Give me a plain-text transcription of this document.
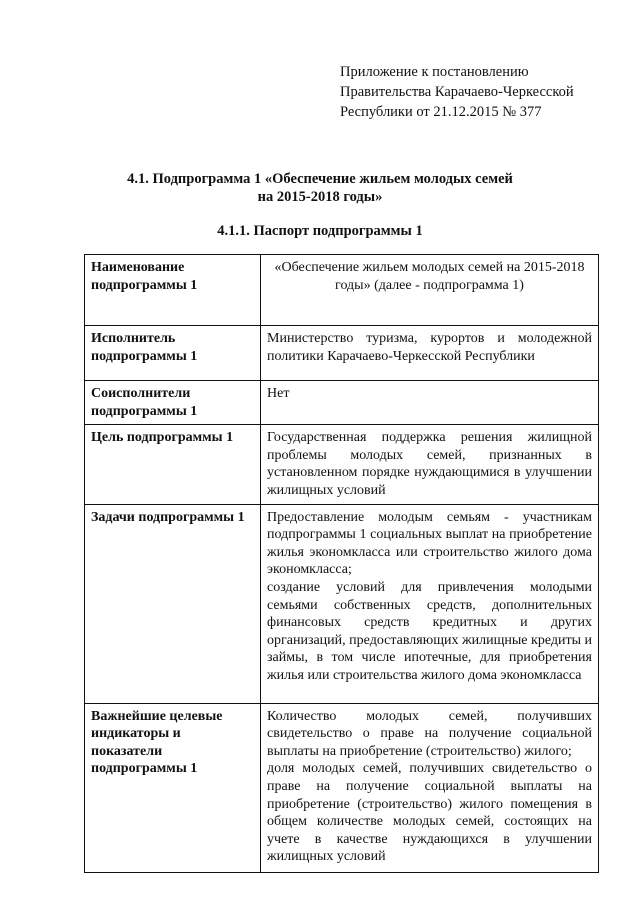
Приложение к постановлению
Правительства Карачаево-Черкесской
Республики от 21.12.2015 № 377
4.1. Подпрограмма 1 «Обеспечение жильем молодых семей
на 2015-2018 годы»
4.1.1. Паспорт подпрограммы 1
Наименование подпрограммы 1	«Обеспечение жильем молодых семей на 2015-2018 годы» (далее - подпрограмма 1)
Исполнитель подпрограммы 1	Министерство туризма, курортов и молодежной политики Карачаево-Черкесской Республики
Соисполнители подпрограммы 1	Нет
Цель подпрограммы 1	Государственная поддержка решения жилищной проблемы молодых семей, признанных в установленном порядке нуждающимися в улучшении жилищных условий
Задачи подпрограммы 1	Предоставление молодым семьям - участникам подпрограммы 1 социальных выплат на приобретение жилья экономкласса или строительство жилого дома экономкласса;
создание условий для привлечения молодыми семьями собственных средств, дополнительных финансовых средств кредитных и других организаций, предоставляющих жилищные кредиты и займы, в том числе ипотечные, для приобретения жилья или строительства жилого дома экономкласса

Важнейшие целевые индикаторы и показатели подпрограммы 1	Количество молодых семей, получивших свидетельство о праве на получение социальной выплаты на приобретение (строительство) жилого;
доля молодых семей, получивших свидетельство о праве на получение социальной выплаты на приобретение (строительство) жилого помещения в общем количестве молодых семей, состоящих на учете в качестве нуждающихся в улучшении жилищных условий
